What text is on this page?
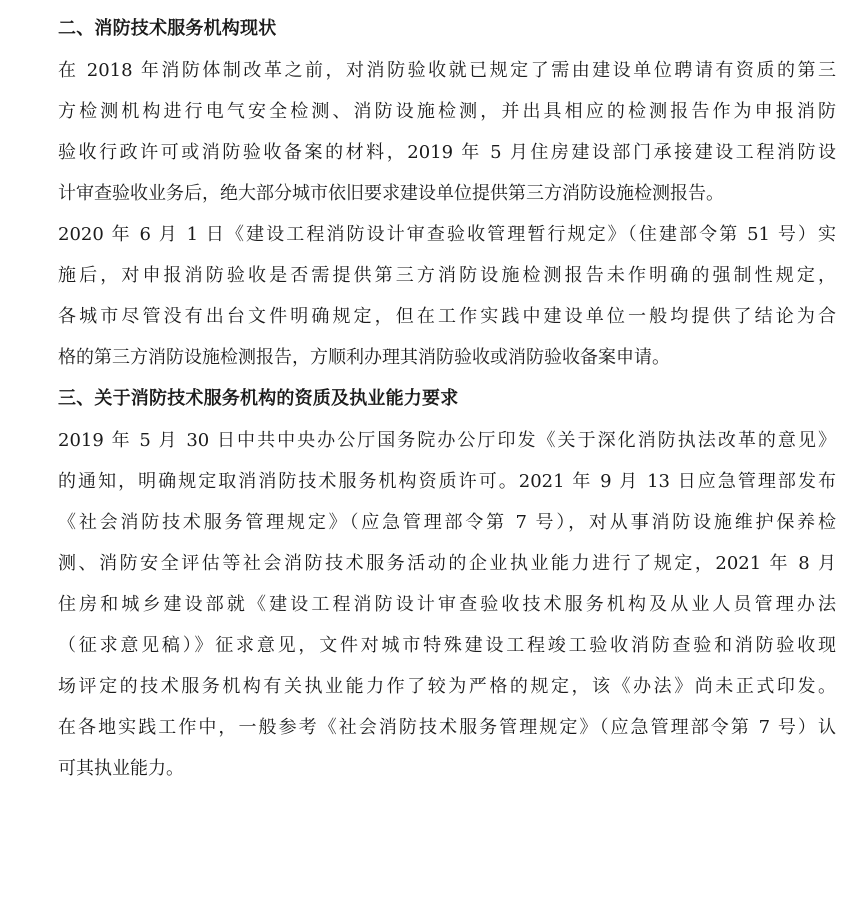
二、消防技术服务机构现状
在 2018 年消防体制改革之前，对消防验收就已规定了需由建设单位聘请有资质的第三
方检测机构进行电气安全检测、消防设施检测，并出具相应的检测报告作为申报消防
验收行政许可或消防验收备案的材料，2019 年 5 月住房建设部门承接建设工程消防设
计审查验收业务后，绝大部分城市依旧要求建设单位提供第三方消防设施检测报告。
2020 年 6 月 1 日《建设工程消防设计审查验收管理暂行规定》（住建部令第 51 号）实
施后，对申报消防验收是否需提供第三方消防设施检测报告未作明确的强制性规定，
各城市尽管没有出台文件明确规定，但在工作实践中建设单位一般均提供了结论为合
格的第三方消防设施检测报告，方顺利办理其消防验收或消防验收备案申请。
三、关于消防技术服务机构的资质及执业能力要求
2019 年 5 月 30 日中共中央办公厅国务院办公厅印发《关于深化消防执法改革的意见》
的通知，明确规定取消消防技术服务机构资质许可。2021 年 9 月 13 日应急管理部发布
《社会消防技术服务管理规定》（应急管理部令第 7 号），对从事消防设施维护保养检
测、消防安全评估等社会消防技术服务活动的企业执业能力进行了规定，2021 年 8 月
住房和城乡建设部就《建设工程消防设计审查验收技术服务机构及从业人员管理办法
（征求意见稿）》征求意见，文件对城市特殊建设工程竣工验收消防查验和消防验收现
场评定的技术服务机构有关执业能力作了较为严格的规定，该《办法》尚未正式印发。
在各地实践工作中，一般参考《社会消防技术服务管理规定》（应急管理部令第 7 号）认
可其执业能力。
